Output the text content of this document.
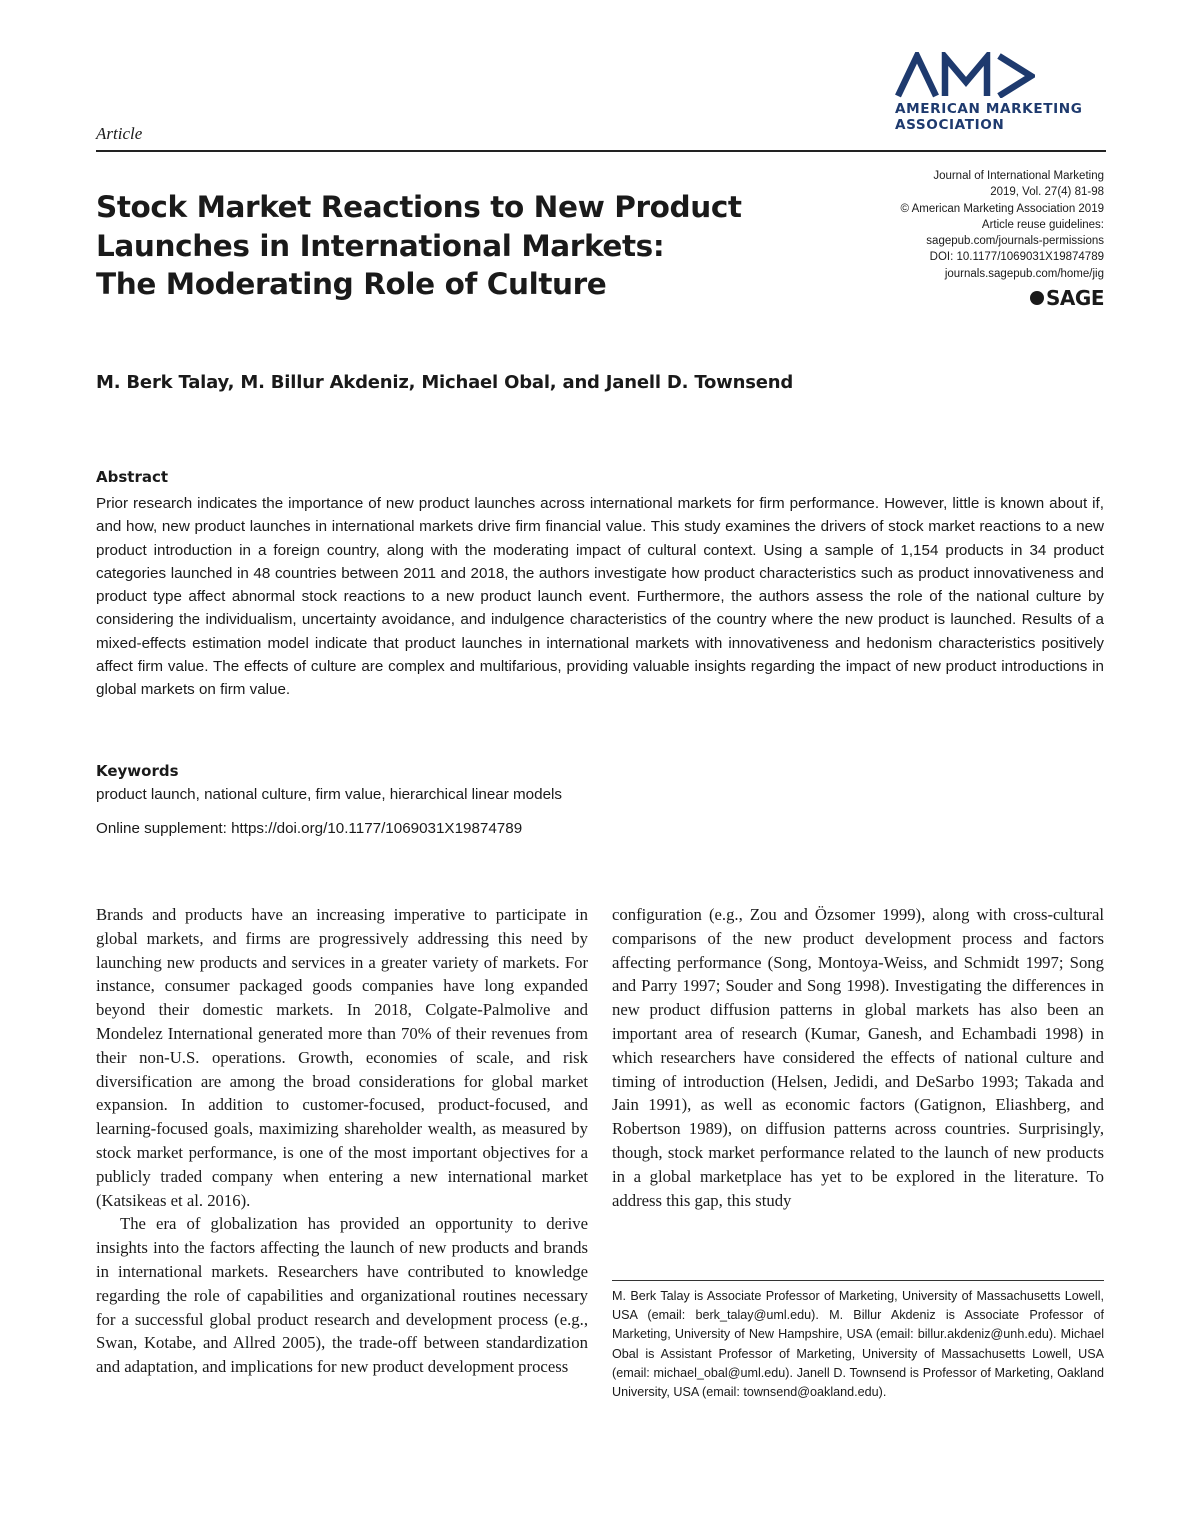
Article
AMERICAN MARKETING
ASSOCIATION
Journal of International Marketing
2019, Vol. 27(4) 81-98
© American Marketing Association 2019
Article reuse guidelines:
sagepub.com/journals-permissions
DOI: 10.1177/1069031X19874789
journals.sagepub.com/home/jig
SAGE
Stock Market Reactions to New Product
Launches in International Markets:
The Moderating Role of Culture
M. Berk Talay, M. Billur Akdeniz, Michael Obal, and Janell D. Townsend
Abstract
Prior research indicates the importance of new product launches across international markets for firm performance. However, little is known about if, and how, new product launches in international markets drive firm financial value. This study examines the drivers of stock market reactions to a new product introduction in a foreign country, along with the moderating impact of cultural context. Using a sample of 1,154 products in 34 product categories launched in 48 countries between 2011 and 2018, the authors investigate how product characteristics such as product innovativeness and product type affect abnormal stock reactions to a new product launch event. Furthermore, the authors assess the role of the national culture by considering the individualism, uncertainty avoidance, and indulgence characteristics of the country where the new product is launched. Results of a mixed-effects estimation model indicate that product launches in international markets with innovativeness and hedonism characteristics positively affect firm value. The effects of culture are complex and multifarious, providing valuable insights regarding the impact of new product introductions in global markets on firm value.
Keywords
product launch, national culture, firm value, hierarchical linear models
Online supplement: https://doi.org/10.1177/1069031X19874789

Brands and products have an increasing imperative to participate in global markets, and firms are progressively addressing this need by launching new products and services in a greater variety of markets. For instance, consumer packaged goods companies have long expanded beyond their domestic markets. In 2018, Colgate-Palmolive and Mondelez International generated more than 70% of their revenues from their non-U.S. operations. Growth, economies of scale, and risk diversification are among the broad considerations for global market expansion. In addition to customer-focused, product-focused, and learning-focused goals, maximizing shareholder wealth, as measured by stock market performance, is one of the most important objectives for a publicly traded company when entering a new international market (Katsikeas et al. 2016).

The era of globalization has provided an opportunity to derive insights into the factors affecting the launch of new products and brands in international markets. Researchers have contributed to knowledge regarding the role of capabilities and organizational routines necessary for a successful global product research and development process (e.g., Swan, Kotabe, and Allred 2005), the trade-off between standardization and adaptation, and implications for new product development process

configuration (e.g., Zou and Özsomer 1999), along with cross-cultural comparisons of the new product development process and factors affecting performance (Song, Montoya-Weiss, and Schmidt 1997; Song and Parry 1997; Souder and Song 1998). Investigating the differences in new product diffusion patterns in global markets has also been an important area of research (Kumar, Ganesh, and Echambadi 1998) in which researchers have considered the effects of national culture and timing of introduction (Helsen, Jedidi, and DeSarbo 1993; Takada and Jain 1991), as well as economic factors (Gatignon, Eliashberg, and Robertson 1989), on diffusion patterns across countries. Surprisingly, though, stock market performance related to the launch of new products in a global marketplace has yet to be explored in the literature. To address this gap, this study

M. Berk Talay is Associate Professor of Marketing, University of Massachusetts Lowell, USA (email: berk_talay@uml.edu). M. Billur Akdeniz is Associate Professor of Marketing, University of New Hampshire, USA (email: billur.akdeniz@unh.edu). Michael Obal is Assistant Professor of Marketing, University of Massachusetts Lowell, USA (email: michael_obal@uml.edu). Janell D. Townsend is Professor of Marketing, Oakland University, USA (email: townsend@oakland.edu).
